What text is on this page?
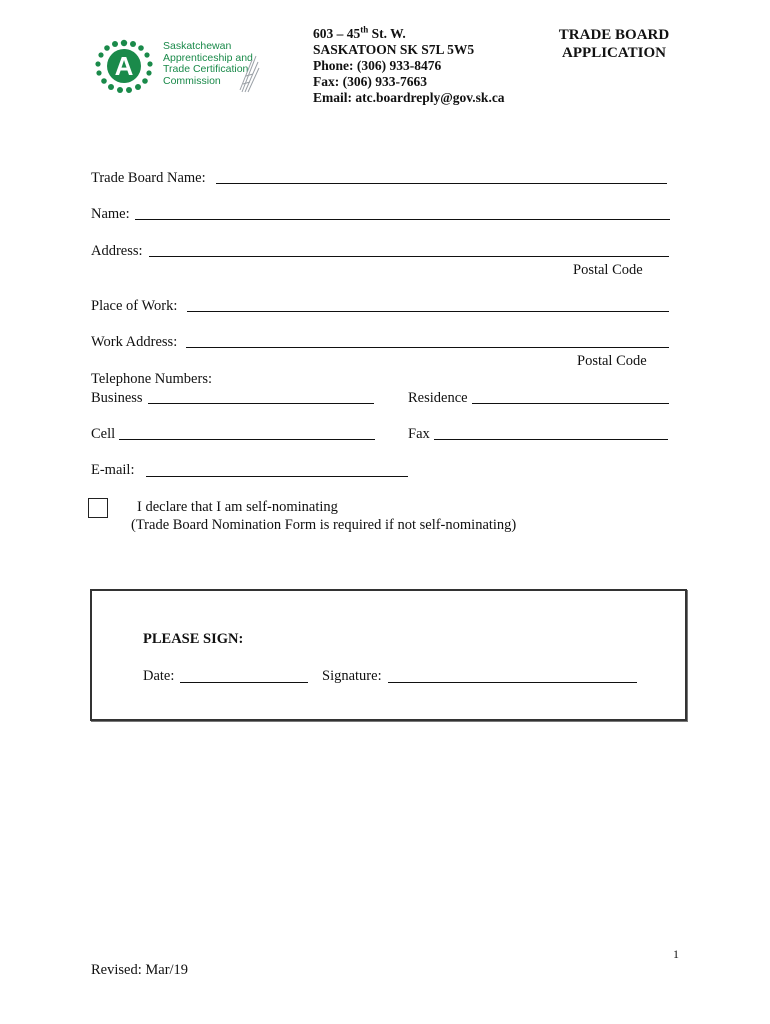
A
Saskatchewan
Apprenticeship and
Trade Certification
Commission
603 – 45th St. W.
SASKATOON SK S7L 5W5
Phone: (306) 933-8476
Fax: (306) 933-7663
Email: atc.boardreply@gov.sk.ca
TRADE BOARD
APPLICATION
Trade Board Name:
Name:
Address:
Postal Code
Place of Work:
Work Address:
Postal Code
Telephone Numbers:
Business	Residence
Cell	Fax
E-mail:
I declare that I am self-nominating
(Trade Board Nomination Form is required if not self-nominating)
PLEASE SIGN:
Date:	Signature:
1
Revised: Mar/19
